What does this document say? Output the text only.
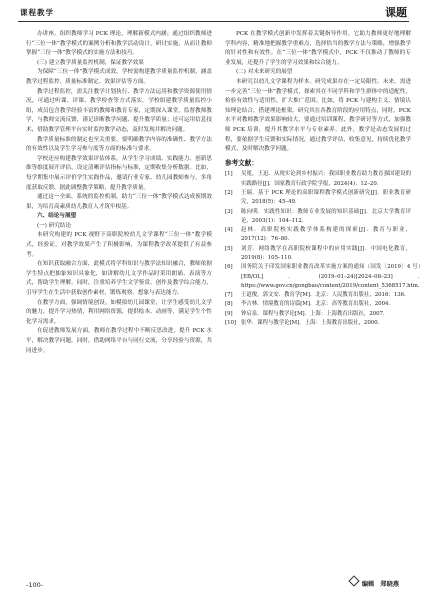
课程教学	课题

办讲座、组织教师学习 PCK 理论，理解新模式内涵；通过组织教师进行“三位一体”教学模式的案例分析和教学活动设计，研讨实施，从而让教师掌握“三位一体”教学模式的实施方法和技巧。

(三) 建立教学质量监控机制，保证教学效果

为保障“三位一体”教学模式成效，学校需构建教学质量监控机制，涵盖教学过程监控、质量标准制定、效果评估等方面。

教学过程监控，需关注教学计划执行、教学方法运用和教学资源使用情况，可通过听课、评课、教学检查等方式落实。学校组建教学质量监控小组，成员包含教学经验丰富的教师和教育专家，定期深入课堂，监督教师教学，与教师交流反馈，谨记诊断教学问题、提升教学质量；还可运用信息技术，借助教学管理平台实时监控教学动态，及时发现并解决问题。

教学质量标准的制定也至关重要。要明确教学内容的准确性、教学方法的有效性以及学生学习参与度等方面的标准与要求。

学校还应构建教学效果评估体系，从学生学习成绩、实践能力、创新思维等维度展开评估。设定清晰评估指标与标准，定期收集分析数据。比如，每学期集中展示评价学生实践作品，邀请行业专家、幼儿园教师参与，多角度获取反馈，据此调整教学策略，提升教学质量。

通过这一全面、系统的监控机制，助力“三位一体”教学模式达成预期效果，为培育高素质幼儿教育人才筑牢根基。

六、结论与展望
(一) 研究结论

本研究构建的 PCK 视野下高职院校幼儿文学课程“三位一体”教学模式，经验证，对教学效果产生了积极影响，为课程教学改革提供了有益参考。

在知识获取融合方面，此模式将学科知识与教学法知识融合，教师依据学生特点把抽象知识具象化，如讲解幼儿文学作品时采用朗诵、表演等方式，帮助学生理解。同时，注重培养学生文学鉴赏、创作及教学综合能力，引导学生在生活中获取创作素材，锻炼观察、想象与表达能力。

在教学方面，强调情境创设。如模拟幼儿园课堂，让学生感受幼儿文学的魅力，提升学习热情，利用网络资源，提供绘本、动画等，满足学生个性化学习需求。

在促进教师发展方面，教师在教学过程中不断反思改进，提升 PCK 水平，解决教学问题。同时，借助网络平台与同行交流，分享经验与资源，共同进步。

PCK 在教学模式创新中发挥着关键指导作用。它助力教师更好地理解学科内容，精准地把握教学重难点，选择恰当的教学方法与策略，增强教学的针对性和有效性。在“三位一体”教学模式中，PCK 不仅推动了教师的专业发展，还提升了学生的学习效果和综合能力。

(二) 对未来研究的展望

本研究以幼儿文学课程为样本。研究成果存在一定局限性。未来，需进一步完善“三位一体”教学模式，探索其在不同学科和学生群体中的适配性，检验有效性与适用性，扩大推广范围。比如，将 PCK 与建构主义、情境认知理论结合，搭建理论框架。研究其在各教育阶段的应用特点，同时，PCK 水平对教师教学效果影响较大，要通过培训课程、教学研讨等方式，加强教师 PCK 培训，提升其教学水平与专业素养。此外，教学是动态发展的过程，要依据学生反馈和实际情况，通过教学评估、收集意见，持续优化教学模式，及时解决教学问题。

参考文献：
[1]	吴冕，王迅．从现实论到乡村振兴：我国职业教育助力教育强国建设的实践路径[J]．国家教育行政学院学报，2024(4)：12–20．
[2]	王瑞．基于 PCK 理论的高职课程教学模式创新研究[J]．职业教育研究，2018(5)：45–49．
[3]	陈向明．实践性知识：教师专业发展的知识基础[J]．北京大学教育评论，2003(1)：104–112．
[4]	赵林．高职院校实践教学体系构建的探索[J]．教育与职业，2017(12)：76–80．
[5]	刘芳．网络教学在高职院校课程中的应用实践[J]．中国电化教育，2019(8)：105–110．
[6]	国务院关于印发国家职业教育改革实施方案的通知（国发〔2019〕4 号）[EB/OL]．(2019–01–24)[2024–08–23]．https://www.gov.cn/gongbao/content/2019/content_5368517.htm．
[7]	王道俊，郭文安．教育学[M]．北京：人民教育出版社，2016：136．
[8]	李吉林．情境教育的诗篇[M]．北京：高等教育出版社，2004．
[9]	钟启泉．课程与教学论[M]．上海：上海教育出版社，2007．
[10] 张华．课程与教学论[M]．上海：上海教育出版社，2000．
-100-	编辑　郑晓燕
